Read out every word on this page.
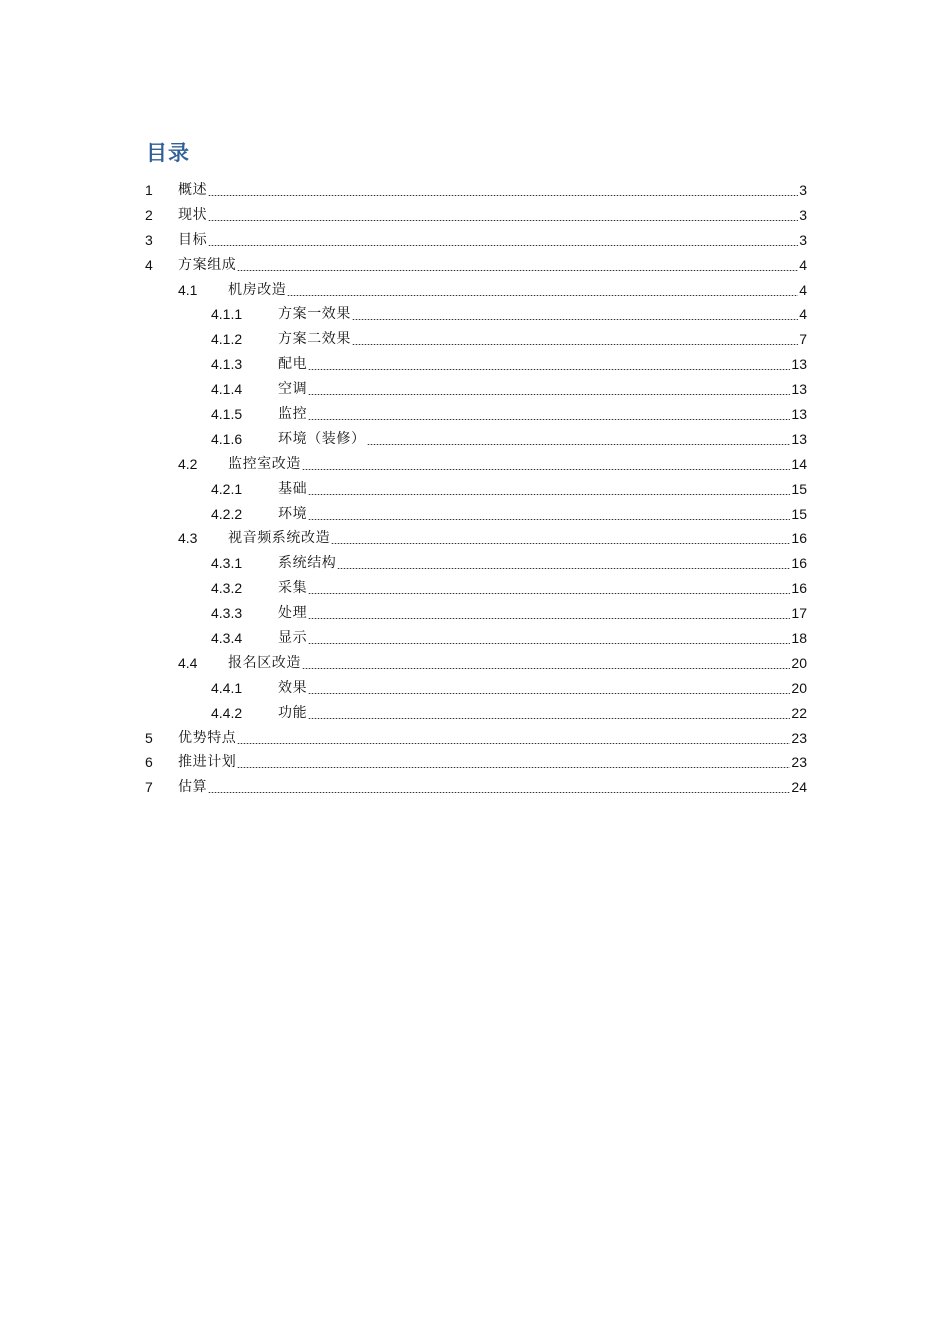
目录
1	概述	3
2	现状	3
3	目标	3
4	方案组成	4
4.1	机房改造	4
4.1.1	方案一效果	4
4.1.2	方案二效果	7
4.1.3	配电	13
4.1.4	空调	13
4.1.5	监控	13
4.1.6	环境（装修）	13
4.2	监控室改造	14
4.2.1	基础	15
4.2.2	环境	15
4.3	视音频系统改造	16
4.3.1	系统结构	16
4.3.2	采集	16
4.3.3	处理	17
4.3.4	显示	18
4.4	报名区改造	20
4.4.1	效果	20
4.4.2	功能	22
5	优势特点	23
6	推进计划	23
7	估算	24
